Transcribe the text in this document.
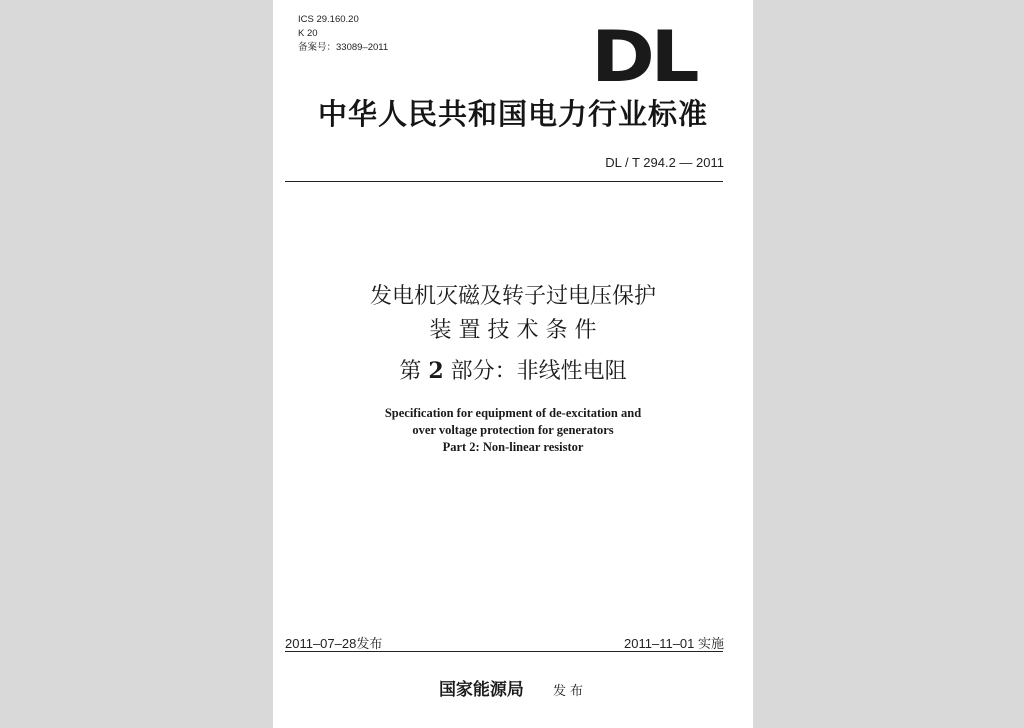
ICS 29.160.20
K 20
备案号：33089–2011	DL
中华人民共和国电力行业标准
DL / T 294.2 — 2011
发电机灭磁及转子过电压保护
装 置 技 术 条 件
第 2 部分：非线性电阻
Specification for equipment of de-excitation and
over voltage protection for generators
Part 2: Non-linear resistor
2011–07–28发布	2011–11–01 实施
国家能源局 发布
